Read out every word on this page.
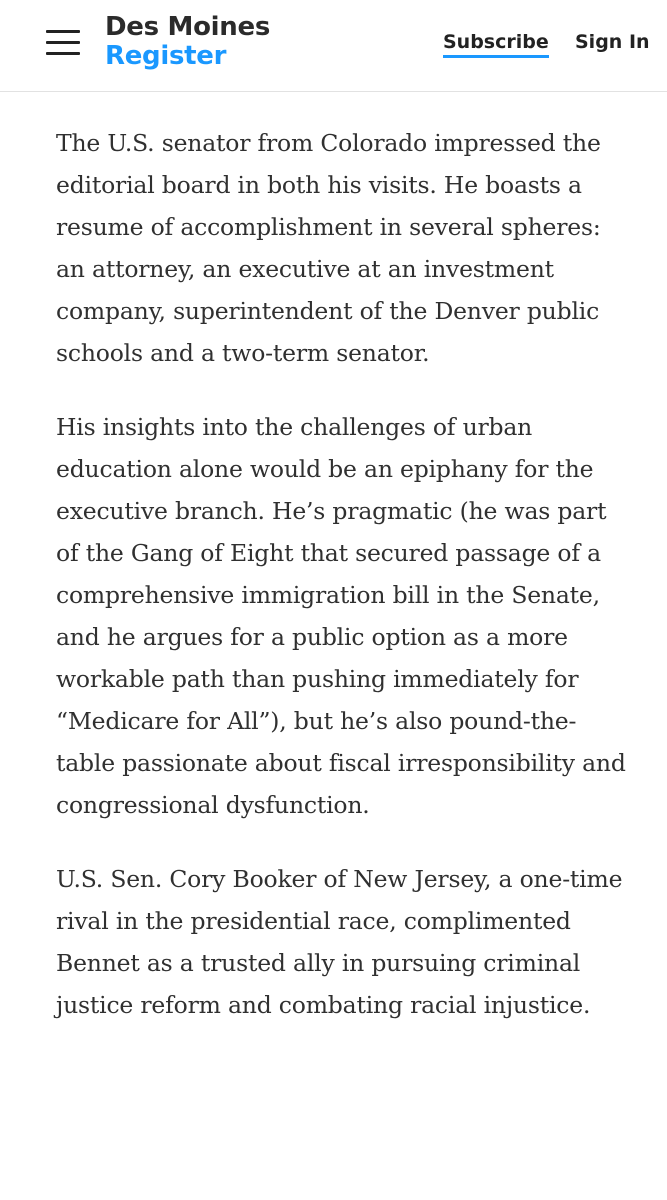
Des Moines
Register	Subscribe Sign In

The U.S. senator from Colorado impressed the editorial board in both his visits. He boasts a resume of accomplishment in several spheres: an attorney, an executive at an investment company, superintendent of the Denver public schools and a two-term senator.

His insights into the challenges of urban education alone would be an epiphany for the executive branch. He’s pragmatic (he was part of the Gang of Eight that secured passage of a comprehensive immigration bill in the Senate, and he argues for a public option as a more workable path than pushing immediately for “Medicare for All”), but he’s also pound-the-table passionate about fiscal irresponsibility and congressional dysfunction.

U.S. Sen. Cory Booker of New Jersey, a one-time rival in the presidential race, complimented Bennet as a trusted ally in pursuing criminal justice reform and combating racial injustice.
